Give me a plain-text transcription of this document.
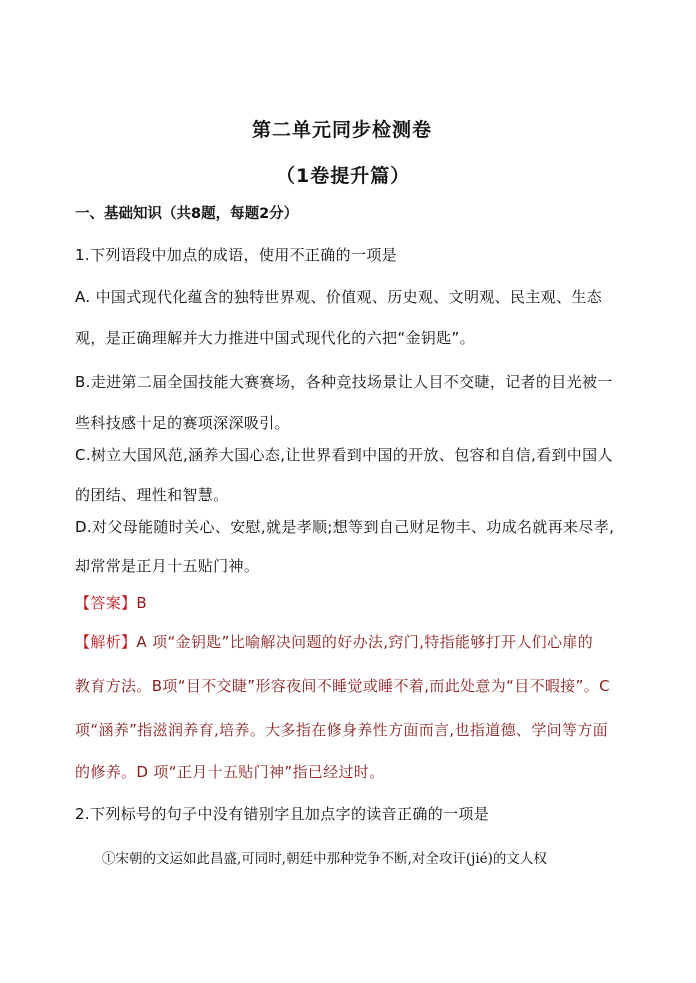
第二单元同步检测卷
（1卷提升篇）
一、基础知识（共8题，每题2分）
1.下列语段中加点的成语，使用不正确的一项是
A. 中国式现代化蕴含的独特世界观、价值观、历史观、文明观、民主观、生态
观，是正确理解并大力推进中国式现代化的六把“金钥匙”。
B.走进第二届全国技能大赛赛场，各种竞技场景让人目不交睫，记者的目光被一
些科技感十足的赛项深深吸引。
C.树立大国风范,涵养大国心态,让世界看到中国的开放、包容和自信,看到中国人
的团结、理性和智慧。
D.对父母能随时关心、安慰,就是孝顺;想等到自己财足物丰、功成名就再来尽孝,
却常常是正月十五贴门神。
【答案】B
【解析】A 项“金钥匙”比喻解决问题的好办法,窍门,特指能够打开人们心扉的
教育方法。B项“目不交睫”形容夜间不睡觉或睡不着,而此处意为“目不暇接”。C
项“涵养”指滋润养育,培养。大多指在修身养性方面而言,也指道德、学问等方面
的修养。D 项“正月十五贴门神”指已经过时。
2.下列标号的句子中没有错别字且加点字的读音正确的一项是
①宋朝的文运如此昌盛,可同时,朝廷中那种党争不断,对全攻讦(jié)的文人权
